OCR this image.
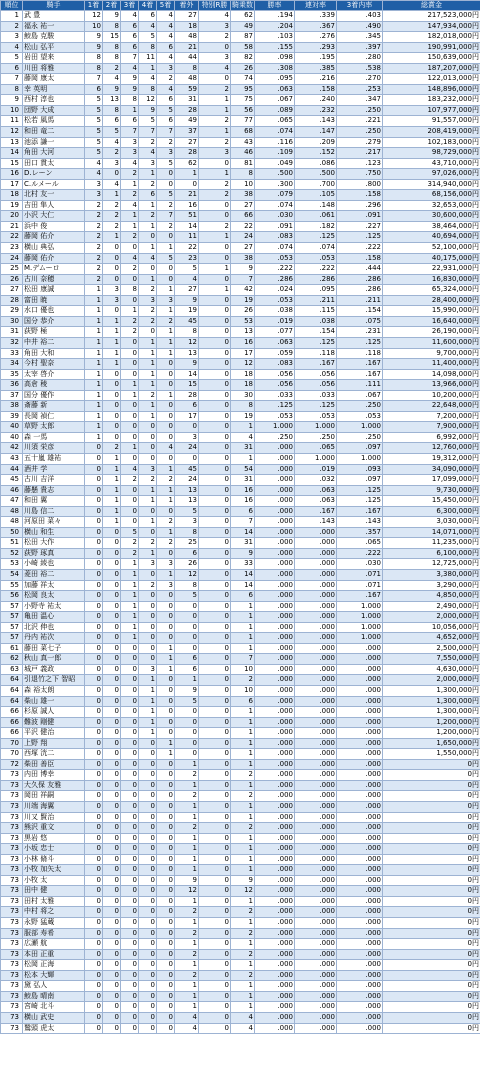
順位	騎手	1着	2着	3着	4着	5着	着外	特別R勝	騎乗数	勝率	連対率	3着内率	総賞金
1	武 豊	12	9	4	6	4	27	4	62	.194	.339	.403	217,523,000円
2	福永 祐一	10	8	6	4	4	18	3	49	.204	.367	.490	147,934,000円
3	鮫島 克駿	9	15	6	5	4	48	2	87	.103	.276	.345	182,018,000円
4	松山 弘平	9	8	6	8	6	21	0	58	.155	.293	.397	190,991,000円
5	岩田 望来	8	8	7	11	4	44	3	82	.098	.195	.280	150,639,000円
6	川田 将雅	8	2	4	1	3	8	4	26	.308	.385	.538	187,207,000円
7	藤岡 康太	7	4	9	4	2	48	0	74	.095	.216	.270	122,013,000円
8	幸 英明	6	9	9	8	4	59	2	95	.063	.158	.253	148,896,000円
9	西村 淳也	5	13	8	12	6	31	1	75	.067	.240	.347	183,232,000円
10	団野 大成	5	8	1	9	5	28	1	56	.089	.232	.250	107,977,000円
11	松若 風馬	5	6	6	5	6	49	2	77	.065	.143	.221	91,557,000円
12	和田 竜二	5	5	7	7	7	37	1	68	.074	.147	.250	208,419,000円
13	池添 謙一	5	4	3	2	2	27	2	43	.116	.209	.279	102,183,000円
14	角田 大河	5	2	3	4	3	28	3	46	.109	.152	.217	98,729,000円
15	田口 貫太	4	3	4	3	5	62	0	81	.049	.086	.123	43,710,000円
16	D.レーン	4	0	2	1	0	1	1	8	.500	.500	.750	97,026,000円
17	C.ルメール	3	4	1	2	0	0	2	10	.300	.700	.800	314,940,000円
18	北村 友一	3	1	2	6	5	21	2	38	.079	.105	.158	68,156,000円
19	吉田 隼人	2	2	4	1	2	16	0	27	.074	.148	.296	32,653,000円
20	小沢 大仁	2	2	1	2	7	51	0	66	.030	.061	.091	30,600,000円
21	浜中 俊	2	2	1	1	2	14	2	22	.091	.182	.227	38,464,000円
22	藤岡 佑介	2	1	2	0	0	11	1	24	.083	.125	.125	40,694,000円
23	横山 典弘	2	0	0	1	1	22	0	27	.074	.074	.222	52,100,000円
24	藤岡 佑介	2	0	4	4	5	23	0	38	.053	.053	.158	40,175,000円
25	M.デムーロ	2	0	2	0	0	5	1	9	.222	.222	.444	22,931,000円
26	古川 奈穂	2	0	0	1	0	4	0	7	.286	.286	.286	16,830,000円
27	松田 康誠	1	3	8	2	1	27	1	42	.024	.095	.286	65,324,000円
28	富田 暁	1	3	0	3	3	9	0	19	.053	.211	.211	28,400,000円
29	水口 優也	1	0	1	2	1	19	0	26	.038	.115	.154	15,990,000円
30	国分 恭介	1	1	2	2	2	45	0	53	.019	.038	.075	16,640,000円
31	荻野 極	1	1	2	0	1	8	0	13	.077	.154	.231	26,190,000円
32	中井 裕二	1	1	0	1	1	12	0	16	.063	.125	.125	11,600,000円
33	角田 大和	1	1	0	1	1	13	0	17	.059	.118	.118	9,700,000円
34	今村 聖奈	1	1	0	1	0	9	0	12	.083	.167	.167	11,400,000円
35	太宰 啓介	1	0	0	1	0	14	0	18	.056	.056	.167	14,098,000円
36	高倉 稜	1	0	1	1	0	15	0	18	.056	.056	.111	13,966,000円
37	国分 優作	1	0	1	2	1	28	0	30	.033	.033	.067	10,200,000円
38	斎藤 新	1	0	0	1	0	6	0	8	.125	.125	.250	22,648,000円
39	長岡 禎仁	1	0	0	1	0	17	0	19	.053	.053	.053	7,200,000円
40	草野 太郎	1	0	0	0	0	0	0	1	1.000	1.000	1.000	7,900,000円
40	森 一馬	1	0	0	0	0	3	0	4	.250	.250	.250	6,992,000円
42	川須 栄彦	0	2	1	0	4	24	0	31	.000	.065	.097	12,760,000円
43	五十嵐 雄祐	0	1	0	0	0	0	0	1	.000	1.000	1.000	19,312,000円
44	酒井 学	0	1	4	3	1	45	0	54	.000	.019	.093	34,090,000円
45	古川 吉洋	0	1	2	2	2	24	0	31	.000	.032	.097	17,099,000円
46	藤懸 貴志	0	1	0	1	1	13	0	16	.000	.063	.125	9,730,000円
47	和田 翼	0	1	0	1	1	13	0	16	.000	.063	.125	15,450,000円
48	川島 信二	0	1	0	0	0	5	0	6	.000	.167	.167	6,300,000円
48	河原田 菜々	0	1	0	1	2	3	0	7	.000	.143	.143	3,030,000円
50	横山 和生	0	0	5	0	1	8	0	14	.000	.000	.357	14,071,000円
51	松田 大作	0	0	2	2	2	25	0	31	.000	.000	.065	11,235,000円
52	荻野 琢真	0	0	2	1	0	6	0	9	.000	.000	.222	6,100,000円
53	小崎 綾也	0	0	1	3	3	26	0	33	.000	.000	.030	12,725,000円
54	菱田 裕二	0	0	1	0	1	12	0	14	.000	.000	.071	3,380,000円
55	加藤 祥太	0	0	1	2	3	8	0	14	.000	.000	.071	3,290,000円
56	松岡 良太	0	0	1	0	0	5	0	6	.000	.000	.167	4,850,000円
57	小野寺 祐太	0	0	1	0	0	0	0	1	.000	.000	1.000	2,490,000円
57	亀田 温心	0	0	1	0	0	0	0	1	.000	.000	1.000	2,000,000円
57	北沢 伸也	0	0	1	0	0	0	0	1	.000	.000	1.000	10,056,000円
57	丹内 祐次	0	0	1	0	0	0	0	1	.000	.000	1.000	4,652,000円
61	藤田 菜七子	0	0	0	0	1	0	0	1	.000	.000	.000	2,500,000円
62	秋山 真一郎	0	0	0	0	1	6	0	7	.000	.000	.000	7,550,000円
63	城戸 義政	0	0	0	3	1	6	0	10	.000	.000	.000	4,630,000円
64	引退竹之下 智昭	0	0	0	1	0	1	0	2	.000	.000	.000	2,000,000円
64	森 裕太朗	0	0	0	1	0	9	0	10	.000	.000	.000	1,300,000円
64	柴山 雄一	0	0	0	1	0	5	0	6	.000	.000	.000	1,300,000円
66	杉原 誠人	0	0	0	1	0	0	0	1	.000	.000	.000	1,300,000円
66	難波 剛健	0	0	0	1	0	0	0	1	.000	.000	.000	1,200,000円
66	平沢 健治	0	0	0	1	0	0	0	1	.000	.000	.000	1,200,000円
70	上野 翔	0	0	0	0	1	0	0	1	.000	.000	.000	1,650,000円
70	西塚 洸二	0	0	0	0	1	0	0	1	.000	.000	.000	1,550,000円
72	柴田 善臣	0	0	0	0	0	1	0	1	.000	.000	.000	0円
73	内田 博幸	0	0	0	0	0	2	0	2	.000	.000	.000	0円
73	大久保 友雅	0	0	0	0	0	1	0	1	.000	.000	.000	0円
73	岡田 祥嗣	0	0	0	0	0	2	0	2	.000	.000	.000	0円
73	川端 海翼	0	0	0	0	0	1	0	1	.000	.000	.000	0円
73	川又 賢治	0	0	0	0	0	1	0	1	.000	.000	.000	0円
73	熊沢 重文	0	0	0	0	0	2	0	2	.000	.000	.000	0円
73	黒岩 悠	0	0	0	0	0	1	0	1	.000	.000	.000	0円
73	小坂 忠士	0	0	0	0	0	1	0	1	.000	.000	.000	0円
73	小林 脩斗	0	0	0	0	0	1	0	1	.000	.000	.000	0円
73	小牧 加矢太	0	0	0	0	0	1	0	1	.000	.000	.000	0円
73	小牧 太	0	0	0	0	0	9	0	9	.000	.000	.000	0円
73	田中 健	0	0	0	0	0	12	0	12	.000	.000	.000	0円
73	田村 太雅	0	0	0	0	0	1	0	1	.000	.000	.000	0円
73	中村 将之	0	0	0	0	0	2	0	2	.000	.000	.000	0円
73	永野 猛蔵	0	0	0	0	0	1	0	1	.000	.000	.000	0円
73	服部 寿希	0	0	0	0	0	2	0	2	.000	.000	.000	0円
73	広瀬 航	0	0	0	0	0	1	0	1	.000	.000	.000	0円
73	本田 正重	0	0	0	0	0	2	0	2	.000	.000	.000	0円
73	松岡 正海	0	0	0	0	0	1	0	1	.000	.000	.000	0円
73	松本 大輝	0	0	0	0	0	2	0	2	.000	.000	.000	0円
73	黛 弘人	0	0	0	0	0	1	0	1	.000	.000	.000	0円
73	鮫島 晴南	0	0	0	0	0	1	0	1	.000	.000	.000	0円
73	宮崎 北斗	0	0	0	0	0	1	0	1	.000	.000	.000	0円
73	横山 武史	0	0	0	0	0	4	0	4	.000	.000	.000	0円
73	鷲頭 虎太	0	0	0	0	0	4	0	4	.000	.000	.000	0円
